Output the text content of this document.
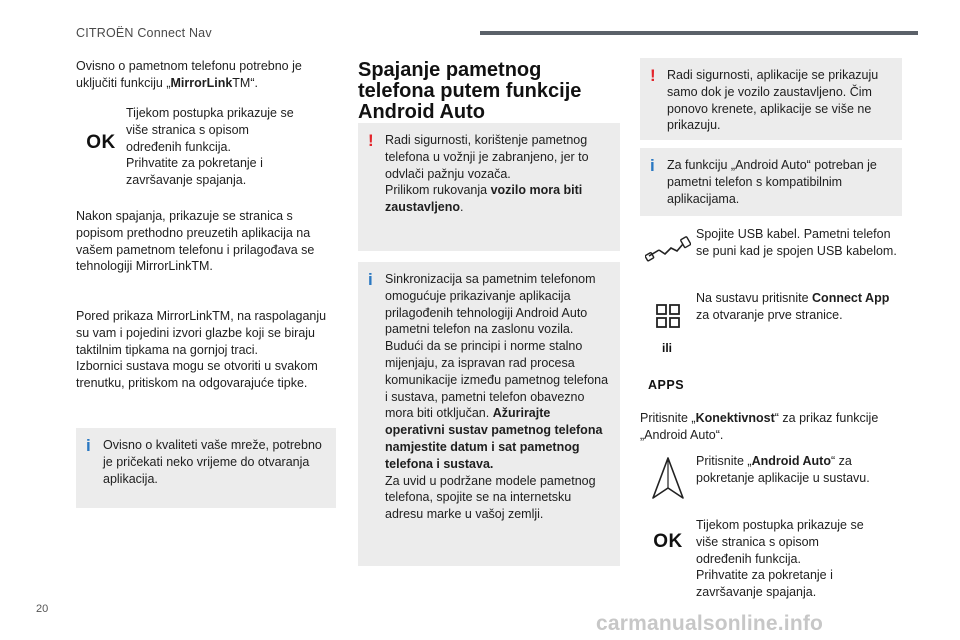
CITROËN Connect Nav

Ovisno o pametnom telefonu potrebno je uključiti funkciju „MirrorLinkTM“.

OK
Tijekom postupka prikazuje se više stranica s opisom određenih funkcija.
Prihvatite za pokretanje i završavanje spajanja.

Nakon spajanja, prikazuje se stranica s popisom prethodno preuzetih aplikacija na vašem pametnom telefonu i prilagođava se tehnologiji MirrorLinkTM.

Pored prikaza MirrorLinkTM, na raspolaganju su vam i pojedini izvori glazbe koji se biraju taktilnim tipkama na gornjoj traci.
Izbornici sustava mogu se otvoriti u svakom trenutku, pritiskom na odgovarajuće tipke.

i Ovisno o kvaliteti vaše mreže, potrebno je pričekati neko vrijeme do otvaranja aplikacija.
Spajanje pametnog telefona putem funkcije Android Auto
! Radi sigurnosti, korištenje pametnog telefona u vožnji je zabranjeno, jer to odvlači pažnju vozača.
Prilikom rukovanja vozilo mora biti zaustavljeno.
i Sinkronizacija sa pametnim telefonom omogućuje prikazivanje aplikacija prilagođenih tehnologiji Android Auto pametni telefon na zaslonu vozila.
Budući da se principi i norme stalno mijenjaju, za ispravan rad procesa komunikacije između pametnog telefona i sustava, pametni telefon obavezno mora biti otključan. Ažurirajte operativni sustav pametnog telefona namjestite datum i sat pametnog telefona i sustava.
Za uvid u podržane modele pametnog telefona, spojite se na internetsku adresu marke u vašoj zemlji.
! Radi sigurnosti, aplikacije se prikazuju samo dok je vozilo zaustavljeno. Čim ponovo krenete, aplikacije se više ne prikazuju.
i Za funkciju „Android Auto“ potreban je pametni telefon s kompatibilnim aplikacijama.
Spojite USB kabel. Pametni telefon se puni kad je spojen USB kabelom.
Na sustavu pritisnite Connect App
za otvaranje prve stranice.
ili
APPS

Pritisnite „Konektivnost“ za prikaz funkcije „Android Auto“.

Pritisnite „Android Auto“ za pokretanje aplikacije u sustavu.
OK
Tijekom postupka prikazuje se više stranica s opisom određenih funkcija.
Prihvatite za pokretanje i završavanje spajanja.
20
carmanualsonline.info
